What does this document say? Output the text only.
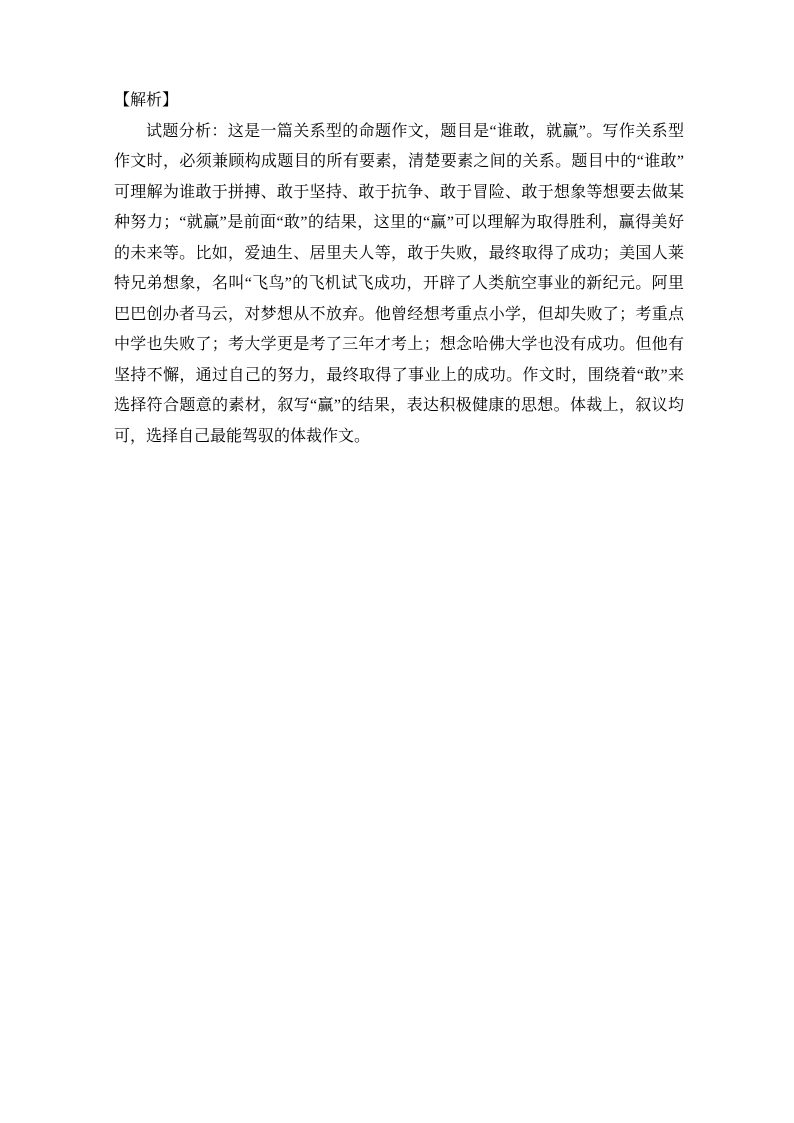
【解析】

试题分析：这是一篇关系型的命题作文，题目是“谁敢，就赢”。写作关系型作文时，必须兼顾构成题目的所有要素，清楚要素之间的关系。题目中的“谁敢”可理解为谁敢于拼搏、敢于坚持、敢于抗争、敢于冒险、敢于想象等想要去做某种努力；“就赢”是前面“敢”的结果，这里的“赢”可以理解为取得胜利，赢得美好的未来等。比如，爱迪生、居里夫人等，敢于失败，最终取得了成功；美国人莱特兄弟想象，名叫“飞鸟”的飞机试飞成功，开辟了人类航空事业的新纪元。阿里巴巴创办者马云，对梦想从不放弃。他曾经想考重点小学，但却失败了；考重点中学也失败了；考大学更是考了三年才考上；想念哈佛大学也没有成功。但他有坚持不懈，通过自己的努力，最终取得了事业上的成功。作文时，围绕着“敢”来选择符合题意的素材，叙写“赢”的结果，表达积极健康的思想。体裁上，叙议均可，选择自己最能驾驭的体裁作文。
